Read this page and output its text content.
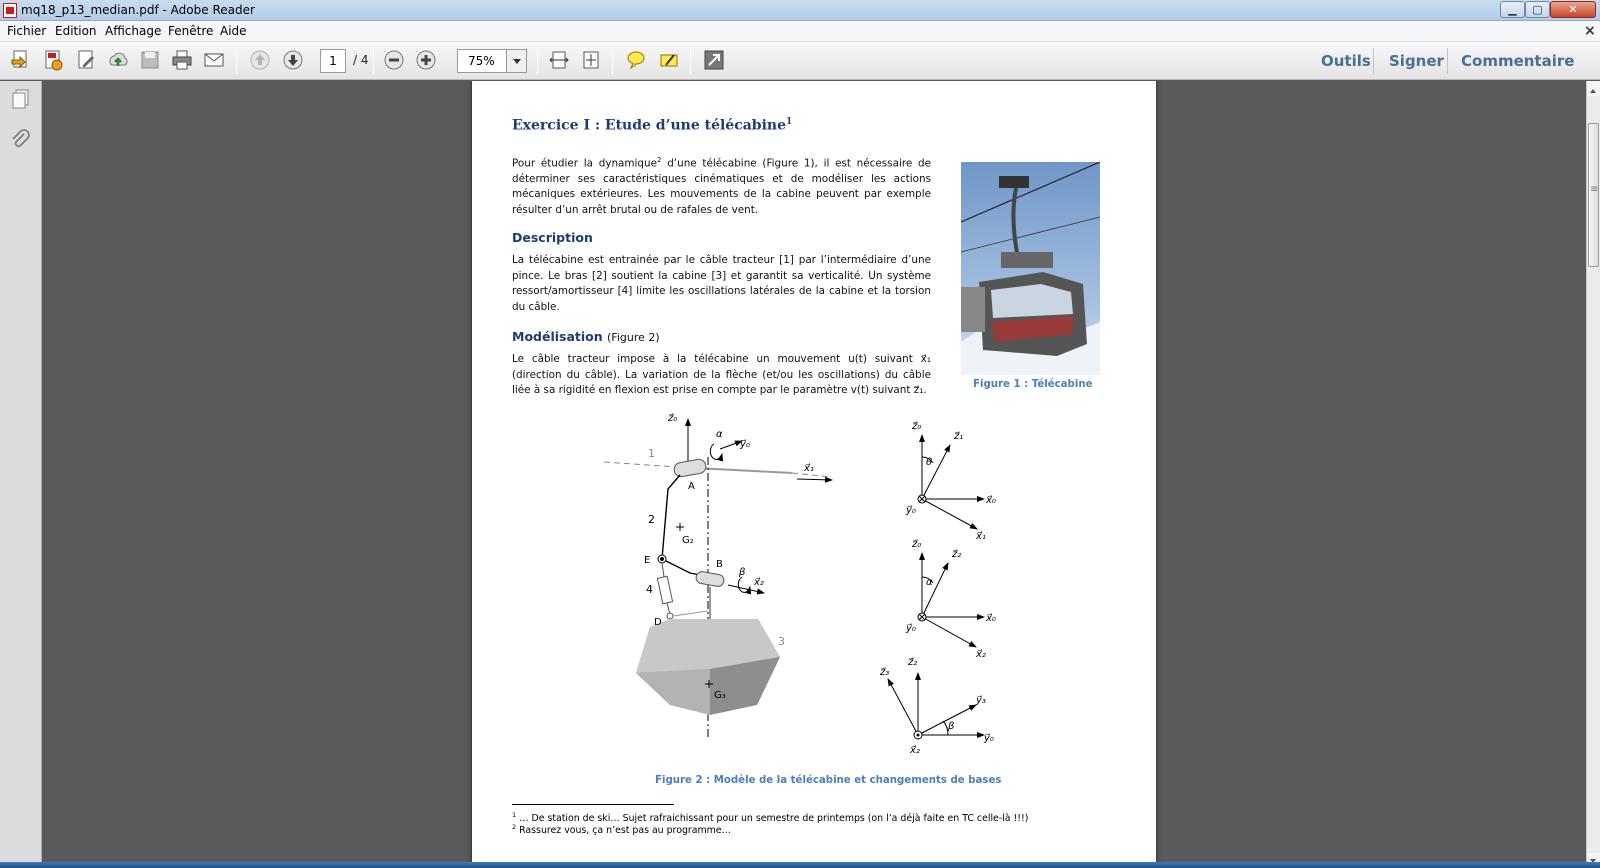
mq18_p13_median.pdf - Adobe Reader	▁	▢	✕
Fichier Edition Affichage Fenêtre Aide	×
1	/ 4	75%	Outils Signer Commentaire
Exercice I : Etude d’une télécabine$^1$
Pour étudier la dynamique$^2$ d’une télécabine (Figure 1), il est nécessaire de déterminer ses caractéristiques cinématiques et de modéliser les actions mécaniques extérieures. Les mouvements de la cabine peuvent par exemple résulter d’un arrêt brutal ou de rafales de vent.
Description
La télécabine est entrainée par le câble tracteur [1] par l’intermédiaire d’une pince. Le bras [2] soutient la cabine [3] et garantit sa verticalité. Un système ressort/amortisseur [4] limite les oscillations latérales de la cabine et la torsion du câble.
Modélisation (Figure 2)
Le câble tracteur impose à la télécabine un mouvement u(t) suivant x⃗₁ (direction du câble). La variation de la flèche (et/ou les oscillations) du câble liée à sa rigidité en flexion est prise en compte par le paramètre v(t) suivant z⃗₁.	Figure 1 : Télécabine
z⃗₀
α
y⃗₀
1
x⃗₁
A
2
G₂
E	B
β
x⃗₂
4
D
3
G₃
z⃗₀
z⃗₁
θ
x⃗₀
y⃗₀
x⃗₁
z⃗₀
z⃗₂
α
x⃗₀
y⃗₀
x⃗₂
z⃗₃
z⃗₂
y⃗₃
β
y⃗₀
x⃗₂
Figure 2 : Modèle de la télécabine et changements de bases
$^1$ … De station de ski… Sujet rafraichissant pour un semestre de printemps (on l’a déjà faite en TC celle-là !!!)
$^2$ Rassurez vous, ça n’est pas au programme…
≡
